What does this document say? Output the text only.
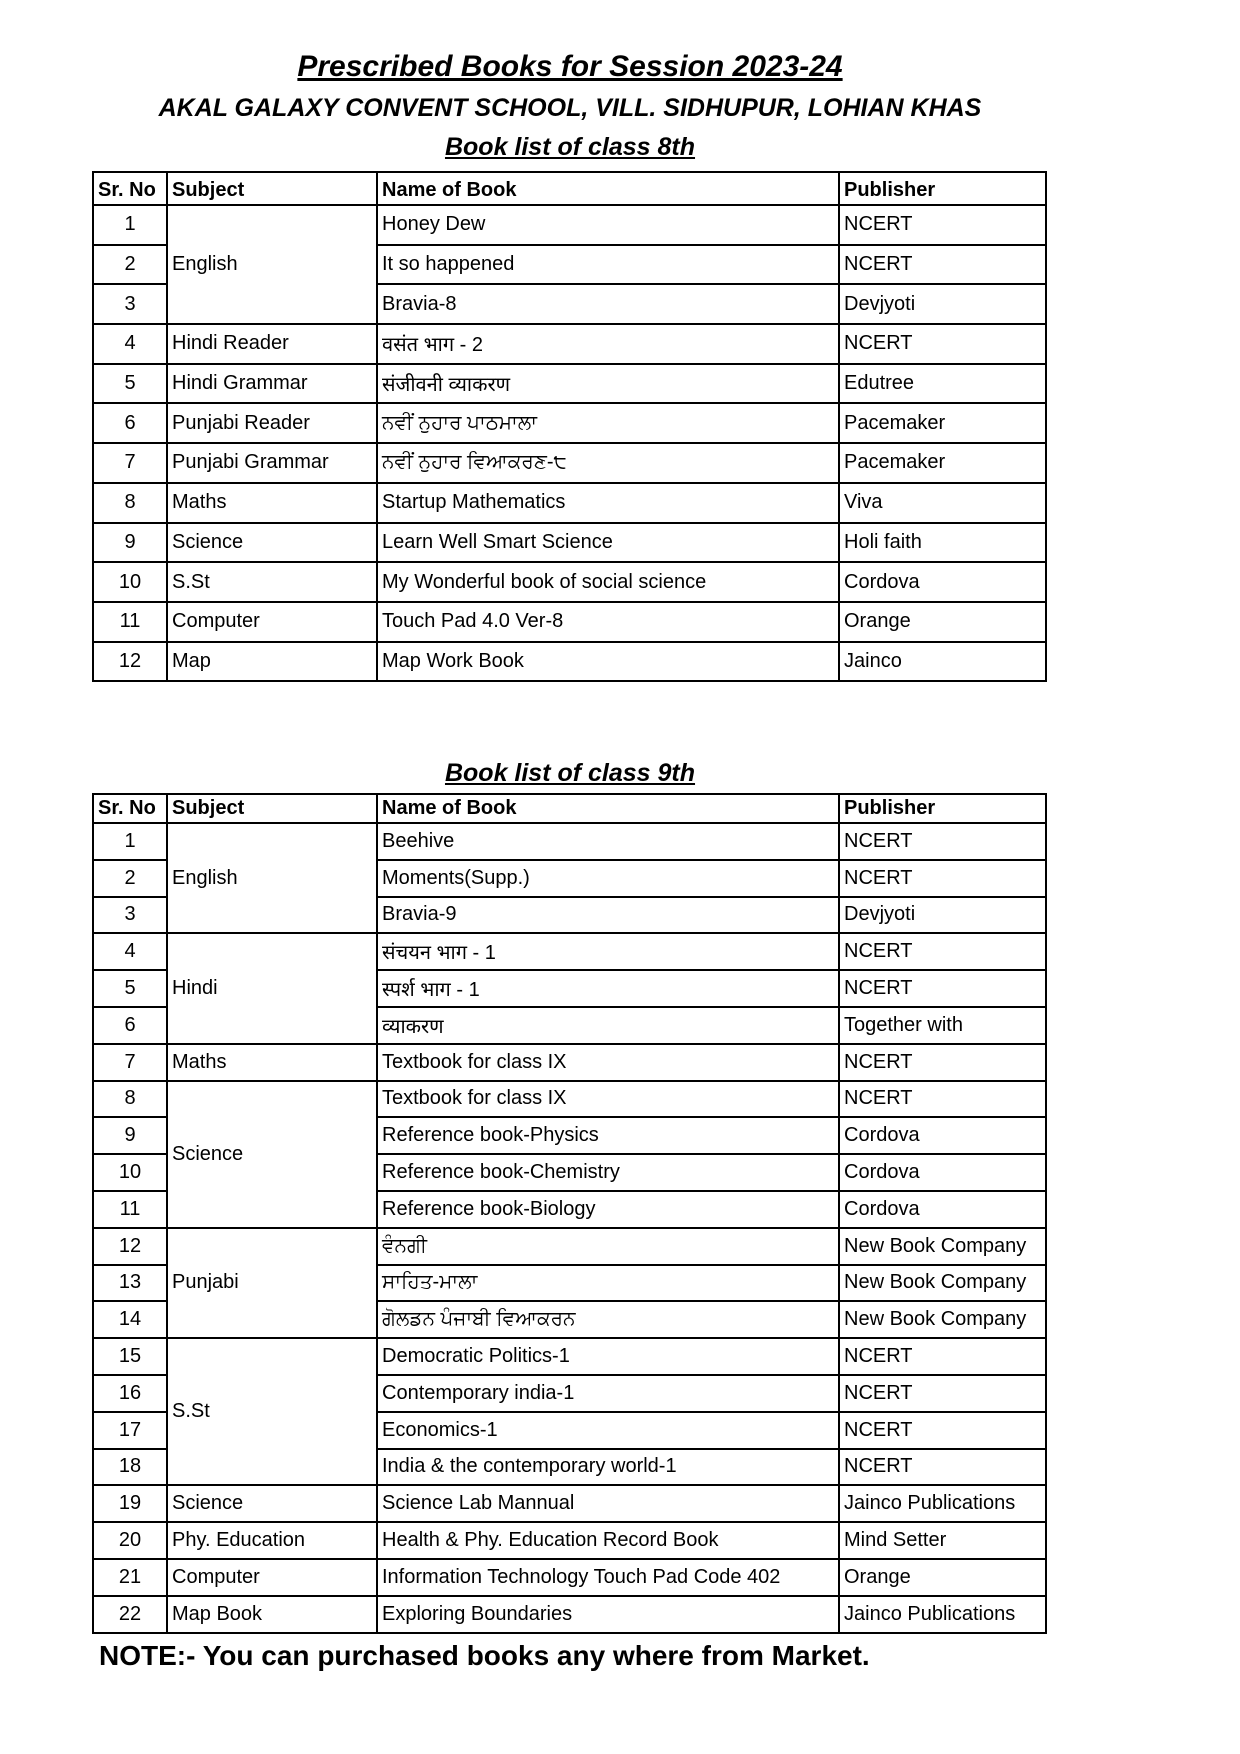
Prescribed Books for Session 2023-24
AKAL GALAXY CONVENT SCHOOL, VILL. SIDHUPUR, LOHIAN KHAS
Book list of class 8th
Sr. No	Subject	Name of Book	Publisher
1	English	Honey Dew	NCERT
2		It so happened	NCERT
3		Bravia-8	Devjyoti
4	Hindi Reader	वसंत भाग - 2	NCERT
5	Hindi Grammar	संजीवनी व्याकरण	Edutree
6	Punjabi Reader	ਨਵੀਂ ਨੁਹਾਰ ਪਾਠਮਾਲਾ	Pacemaker
7	Punjabi Grammar	ਨਵੀਂ ਨੁਹਾਰ ਵਿਆਕਰਣ-੮	Pacemaker
8	Maths	Startup Mathematics	Viva
9	Science	Learn Well Smart Science	Holi faith
10	S.St	My Wonderful book of social science	Cordova
11	Computer	Touch Pad 4.0 Ver-8	Orange
12	Map	Map Work Book	Jainco
Book list of class 9th
Sr. No	Subject	Name of Book	Publisher
1	English	Beehive	NCERT
2		Moments(Supp.)	NCERT
3		Bravia-9	Devjyoti
4	Hindi	संचयन भाग - 1	NCERT
5		स्पर्श भाग - 1	NCERT
6		व्याकरण	Together with
7	Maths	Textbook for class IX	NCERT
8	Science	Textbook for class IX	NCERT
9		Reference book-Physics	Cordova
10		Reference book-Chemistry	Cordova
11		Reference book-Biology	Cordova
12	Punjabi	ਵੰਨਗੀ	New Book Company
13		ਸਾਹਿਤ-ਮਾਲਾ	New Book Company
14		ਗੋਲਡਨ ਪੰਜਾਬੀ ਵਿਆਕਰਨ	New Book Company
15	S.St	Democratic Politics-1	NCERT
16		Contemporary india-1	NCERT
17		Economics-1	NCERT
18		India & the contemporary world-1	NCERT
19	Science	Science Lab Mannual	Jainco Publications
20	Phy. Education	Health & Phy. Education Record Book	Mind Setter
21	Computer	Information Technology Touch Pad Code 402	Orange
22	Map Book	Exploring Boundaries	Jainco Publications

NOTE:- You can purchased books any where from Market.
